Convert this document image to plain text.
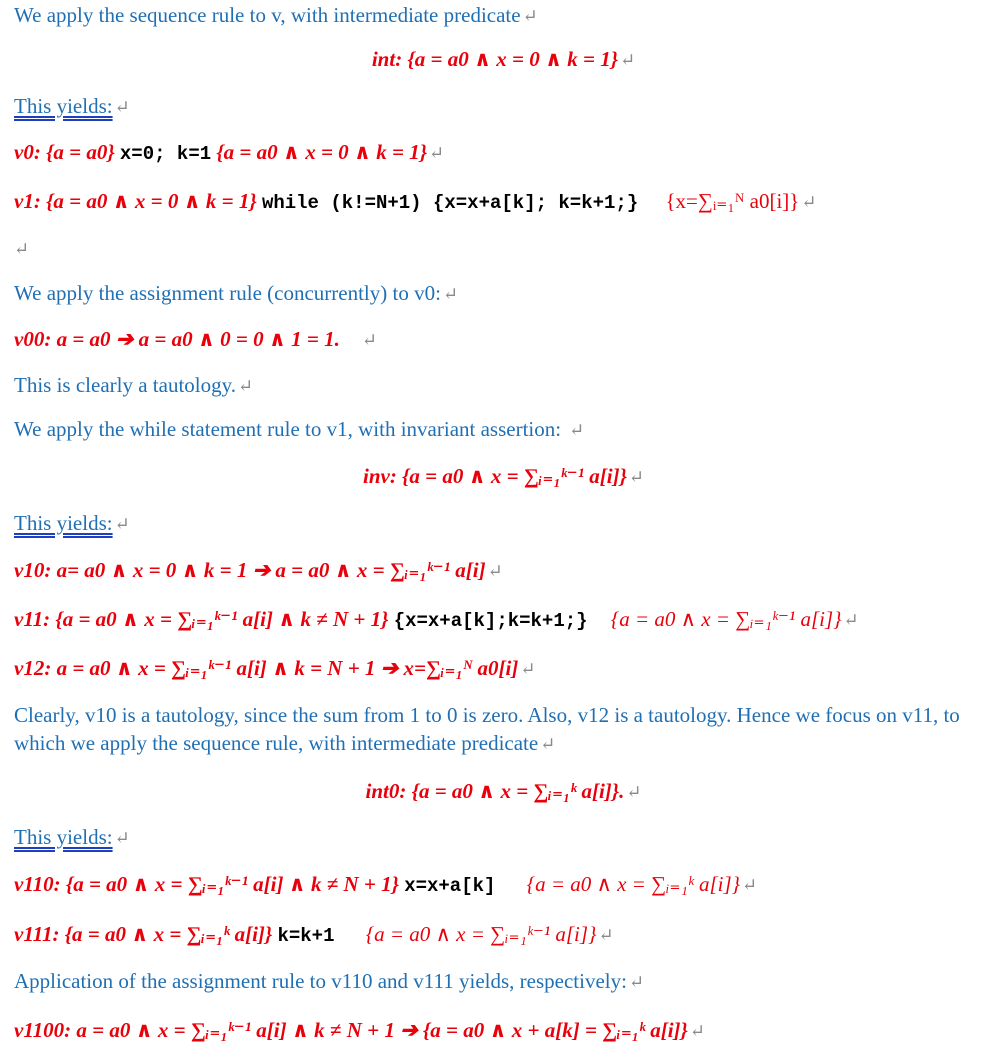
We apply the sequence rule to v, with intermediate predicate ↵
int: {a = a0 ∧ x = 0 ∧ k = 1} ↵
This yields: ↵
v0: {a = a0} x=0; k=1 {a = a0 ∧ x = 0 ∧ k = 1} ↵
v1: {a = a0 ∧ x = 0 ∧ k = 1} while (k!=N+1) {x=x+a[k]; k=k+1;} {x=∑ᵢ₌₁ᴺ a0[i]} ↵
↵
We apply the assignment rule (concurrently) to v0: ↵
v00: a = a0 ➔ a = a0 ∧ 0 = 0 ∧ 1 = 1. ↵
This is clearly a tautology. ↵
We apply the while statement rule to v1, with invariant assertion: ↵
inv: {a = a0 ∧ x = ∑ᵢ₌₁ᵏ⁻¹ a[i]} ↵
This yields: ↵
v10: a= a0 ∧ x = 0 ∧ k = 1 ➔ a = a0 ∧ x = ∑ᵢ₌₁ᵏ⁻¹ a[i] ↵
v11: {a = a0 ∧ x = ∑ᵢ₌₁ᵏ⁻¹ a[i] ∧ k ≠ N + 1} {x=x+a[k];k=k+1;} {a = a0 ∧ x = ∑ᵢ₌₁ᵏ⁻¹ a[i]} ↵
v12: a = a0 ∧ x = ∑ᵢ₌₁ᵏ⁻¹ a[i] ∧ k = N + 1 ➔ x=∑ᵢ₌₁ᴺ a0[i] ↵
Clearly, v10 is a tautology, since the sum from 1 to 0 is zero. Also, v12 is a tautology. Hence we focus on v11, to which we apply the sequence rule, with intermediate predicate ↵
int0: {a = a0 ∧ x = ∑ᵢ₌₁ᵏ a[i]}. ↵
This yields: ↵
v110: {a = a0 ∧ x = ∑ᵢ₌₁ᵏ⁻¹ a[i] ∧ k ≠ N + 1} x=x+a[k] {a = a0 ∧ x = ∑ᵢ₌₁ᵏ a[i]} ↵
v111: {a = a0 ∧ x = ∑ᵢ₌₁ᵏ a[i]} k=k+1 {a = a0 ∧ x = ∑ᵢ₌₁ᵏ⁻¹ a[i]} ↵
Application of the assignment rule to v110 and v111 yields, respectively: ↵
v1100: a = a0 ∧ x = ∑ᵢ₌₁ᵏ⁻¹ a[i] ∧ k ≠ N + 1 ➔ {a = a0 ∧ x + a[k] = ∑ᵢ₌₁ᵏ a[i]} ↵
